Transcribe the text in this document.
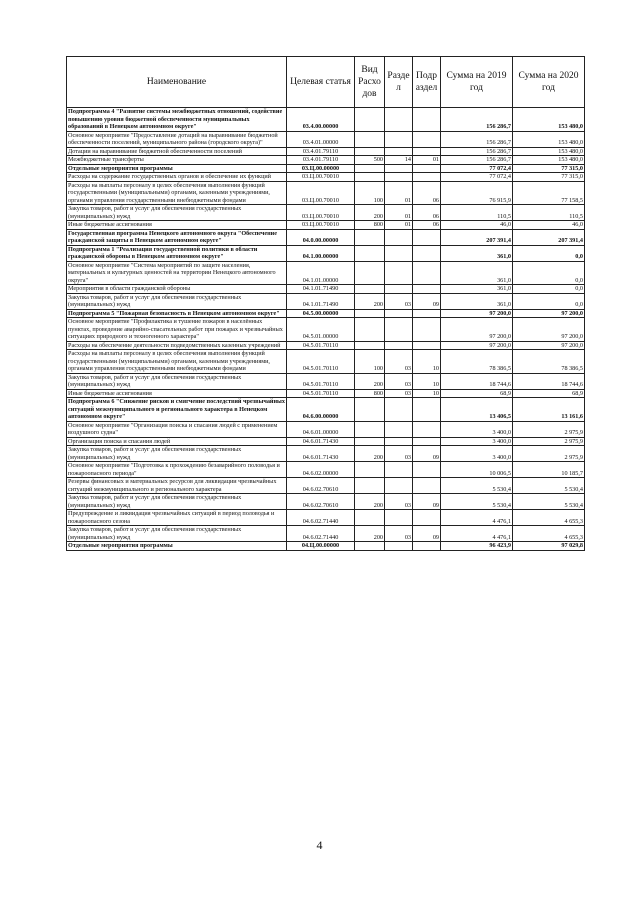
Наименование	Целевая статья	Вид Расхо дов	Разде л	Подр аздел	Сумма на 2019 год	Сумма на 2020 год
Подпрограмма 4 "Развитие системы межбюджетных отношений, содействие повышению уровня бюджетной обеспеченности муниципальных образований в Ненецком автономном округе"	03.4.00.00000				156 286,7	153 480,0
Основное мероприятие "Предоставление дотаций на выравнивание бюджетной обеспеченности поселений, муниципального района (городского округа)"	03.4.01.00000				156 286,7	153 480,0
Дотации на выравнивание бюджетной обеспеченности поселений	03.4.01.79110				156 286,7	153 480,0
Межбюджетные трансферты	03.4.01.79110	500	14	01	156 286,7	153 480,0
Отдельные мероприятия программы	03.Ц.00.00000				77 072,4	77 315,0
Расходы на содержание государственных органов и обеспечение их функций	03.Ц.00.70010				77 072,4	77 315,0
Расходы на выплаты персоналу в целях обеспечения выполнения функций государственными (муниципальными) органами, казенными учреждениями, органами управления государственными внебюджетными фондами	03.Ц.00.70010	100	01	06	76 915,9	77 158,5
Закупка товаров, работ и услуг для обеспечения государственных (муниципальных) нужд	03.Ц.00.70010	200	01	06	110,5	110,5
Иные бюджетные ассигнования	03.Ц.00.70010	800	01	06	46,0	46,0
Государственная программа Ненецкого автономного округа "Обеспечение гражданской защиты в Ненецком автономном округе"	04.0.00.00000				207 391,4	207 391,4
Подпрограмма 1 "Реализация государственной политики в области гражданской обороны в Ненецком автономном округе"	04.1.00.00000				361,0	0,0
Основное мероприятие "Система мероприятий по защите населения, материальных и культурных ценностей на территории Ненецкого автономного округа"	04.1.01.00000				361,0	0,0
Мероприятия в области гражданской обороны	04.1.01.71490				361,0	0,0
Закупка товаров, работ и услуг для обеспечения государственных (муниципальных) нужд	04.1.01.71490	200	03	09	361,0	0,0
Подпрограмма 5 "Пожарная безопасность в Ненецком автономном округе"	04.5.00.00000				97 200,0	97 200,0
Основное мероприятие "Профилактика и тушение пожаров в населённых пунктах, проведение аварийно-спасательных работ при пожарах и чрезвычайных ситуациях природного и техногенного характера"	04.5.01.00000				97 200,0	97 200,0
Расходы на обеспечение деятельности подведомственных казенных учреждений	04.5.01.70110				97 200,0	97 200,0
Расходы на выплаты персоналу в целях обеспечения выполнения функций государственными (муниципальными) органами, казенными учреждениями, органами управления государственными внебюджетными фондами	04.5.01.70110	100	03	10	78 386,5	78 386,5
Закупка товаров, работ и услуг для обеспечения государственных (муниципальных) нужд	04.5.01.70110	200	03	10	18 744,6	18 744,6
Иные бюджетные ассигнования	04.5.01.70110	800	03	10	68,9	68,9
Подпрограмма 6 "Снижение рисков и смягчение последствий чрезвычайных ситуаций межмуниципального и регионального характера в Ненецком автономном округе"	04.6.00.00000				13 406,5	13 161,6
Основное мероприятие "Организация поиска и спасания людей с применением воздушного судна"	04.6.01.00000				3 400,0	2 975,9
Организация поиска и спасания людей	04.6.01.71430				3 400,0	2 975,9
Закупка товаров, работ и услуг для обеспечения государственных (муниципальных) нужд	04.6.01.71430	200	03	09	3 400,0	2 975,9
Основное мероприятие "Подготовка к прохождению безаварийного половодья и пожароопасного периода"	04.6.02.00000				10 006,5	10 185,7
Резервы финансовых и материальных ресурсов для ликвидации чрезвычайных ситуаций межмуниципального и регионального характера	04.6.02.70610				5 530,4	5 530,4
Закупка товаров, работ и услуг для обеспечения государственных (муниципальных) нужд	04.6.02.70610	200	03	09	5 530,4	5 530,4
Предупреждение и ликвидация чрезвычайных ситуаций в период половодья и пожароопасного сезона	04.6.02.71440				4 476,1	4 655,3
Закупка товаров, работ и услуг для обеспечения государственных (муниципальных) нужд	04.6.02.71440	200	03	09	4 476,1	4 655,3
Отдельные мероприятия программы	04.Ц.00.00000				96 423,9	97 029,8
4
